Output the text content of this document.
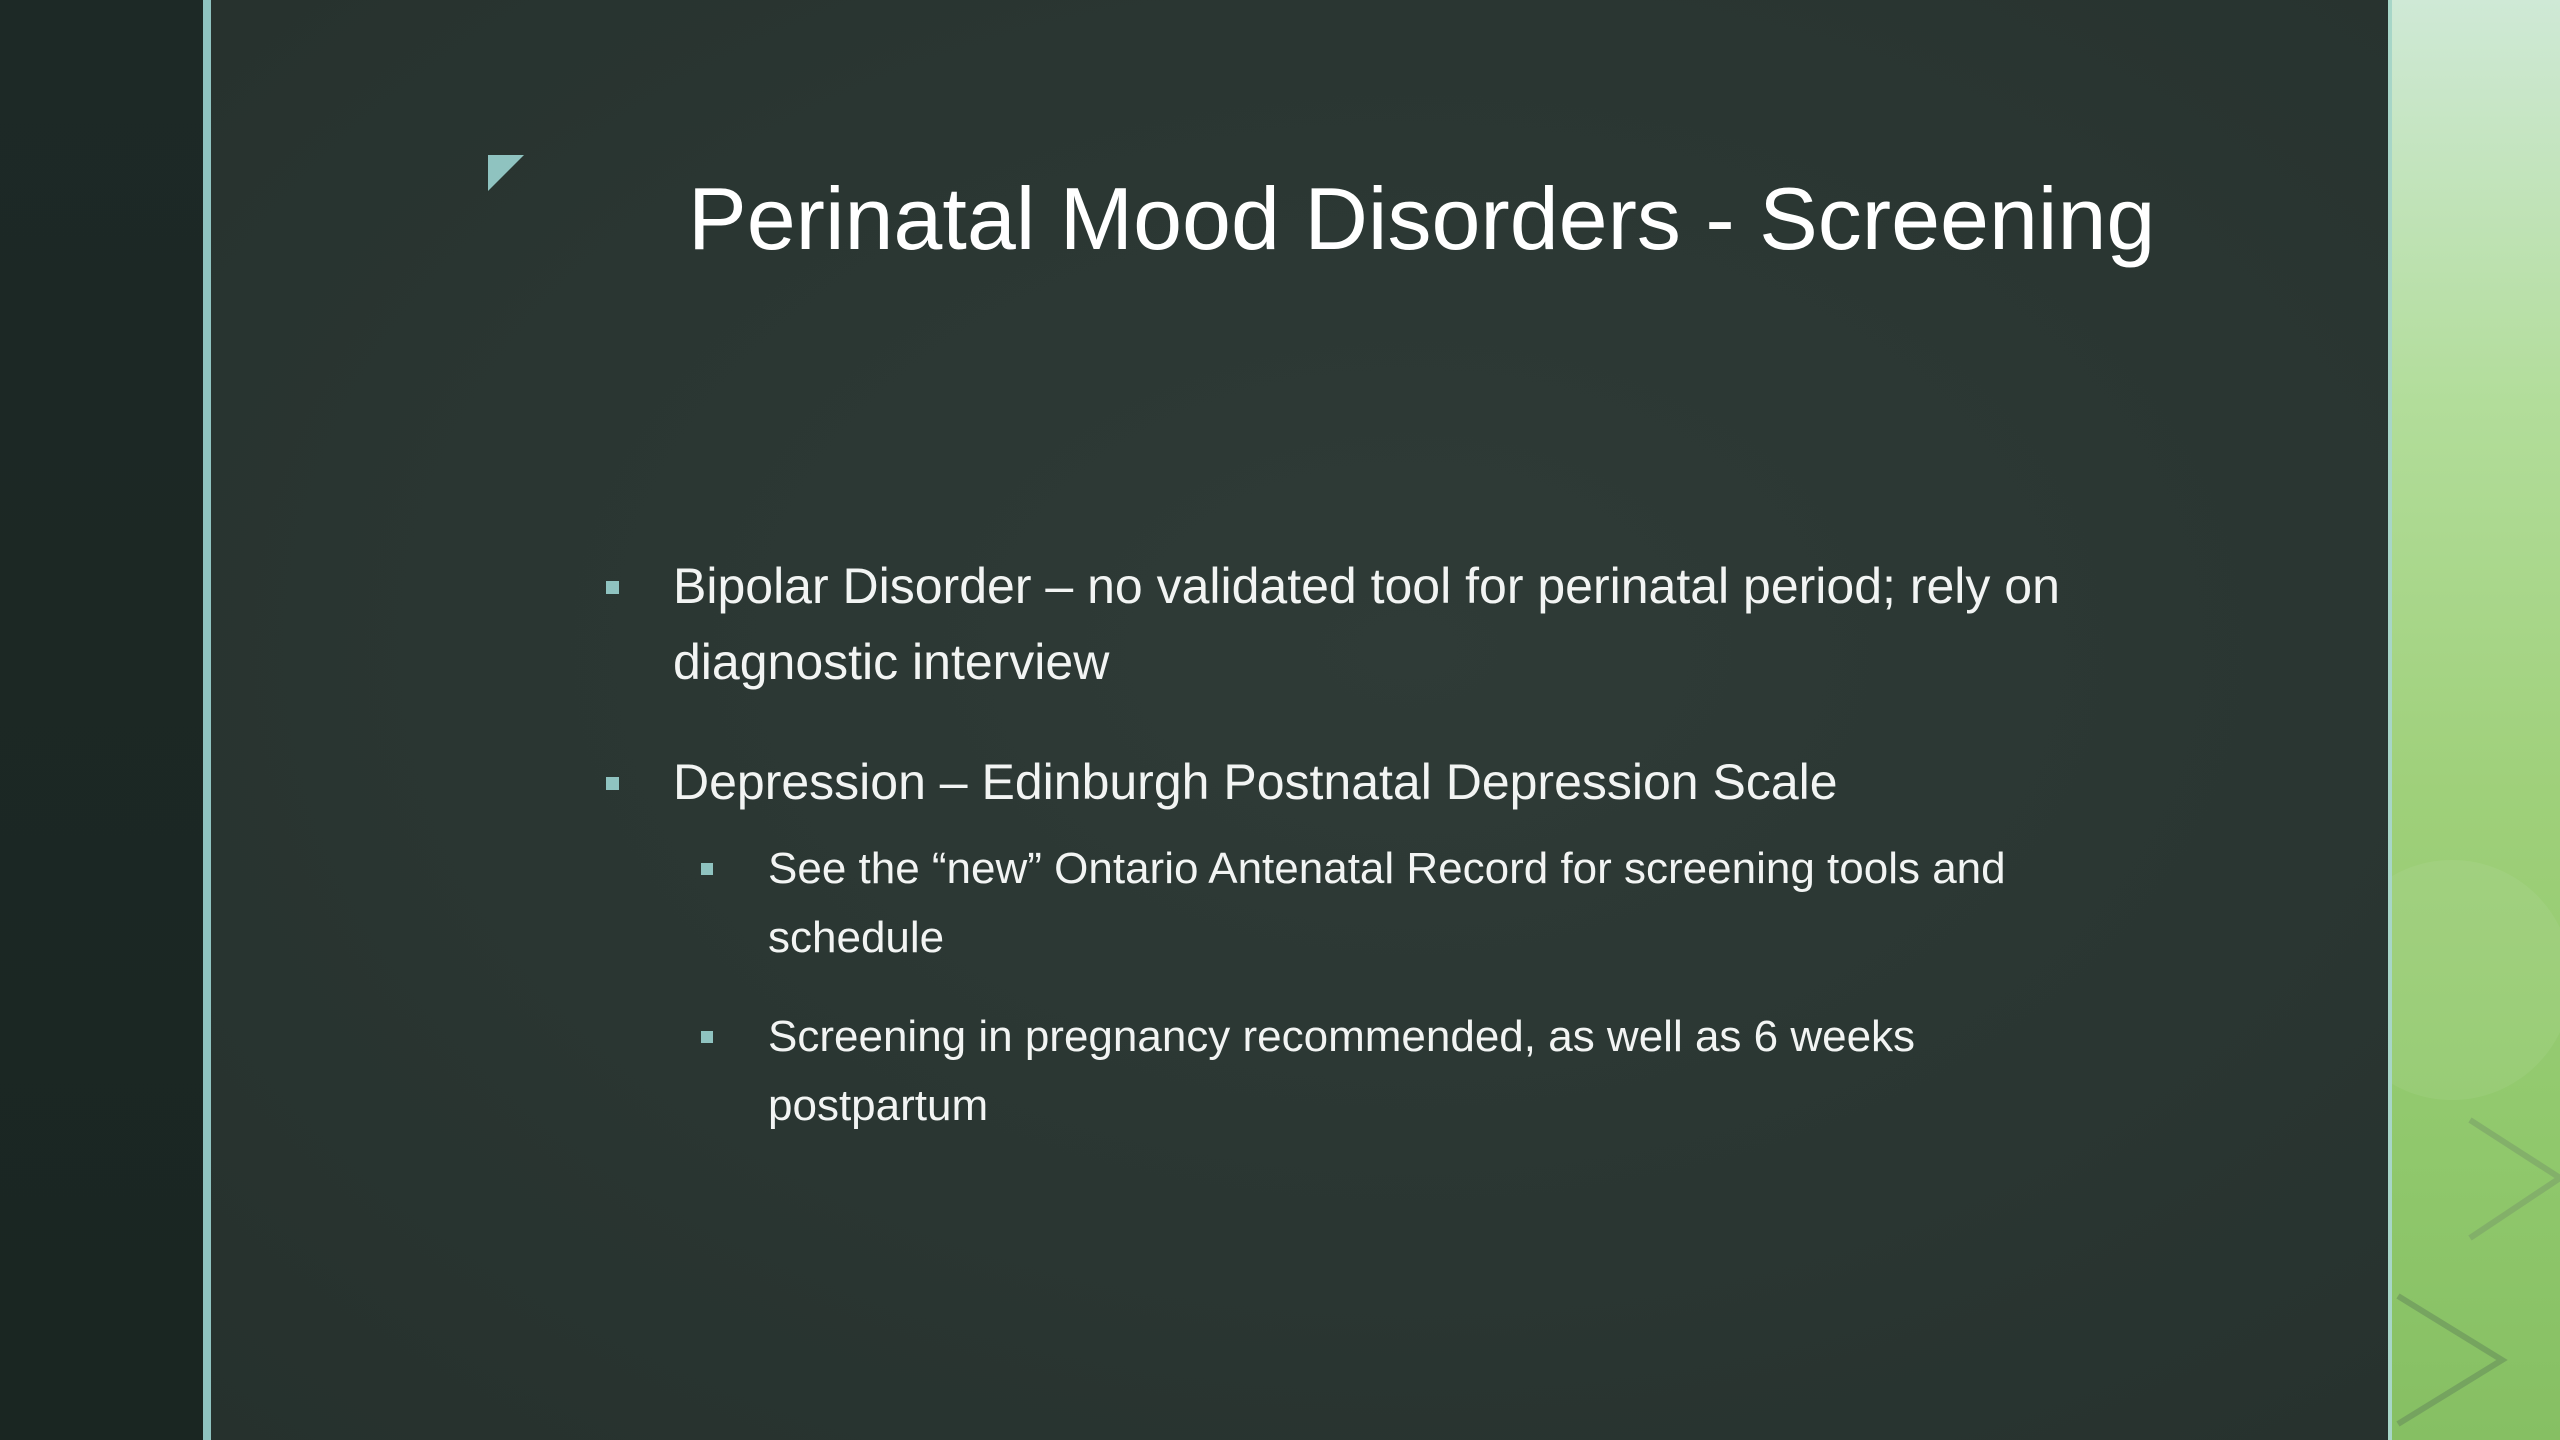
Perinatal Mood Disorders - Screening
Bipolar Disorder – no validated tool for perinatal period; rely on diagnostic interview
Depression – Edinburgh Postnatal Depression Scale
See the “new” Ontario Antenatal Record for screening tools and schedule
Screening in pregnancy recommended, as well as 6 weeks postpartum
